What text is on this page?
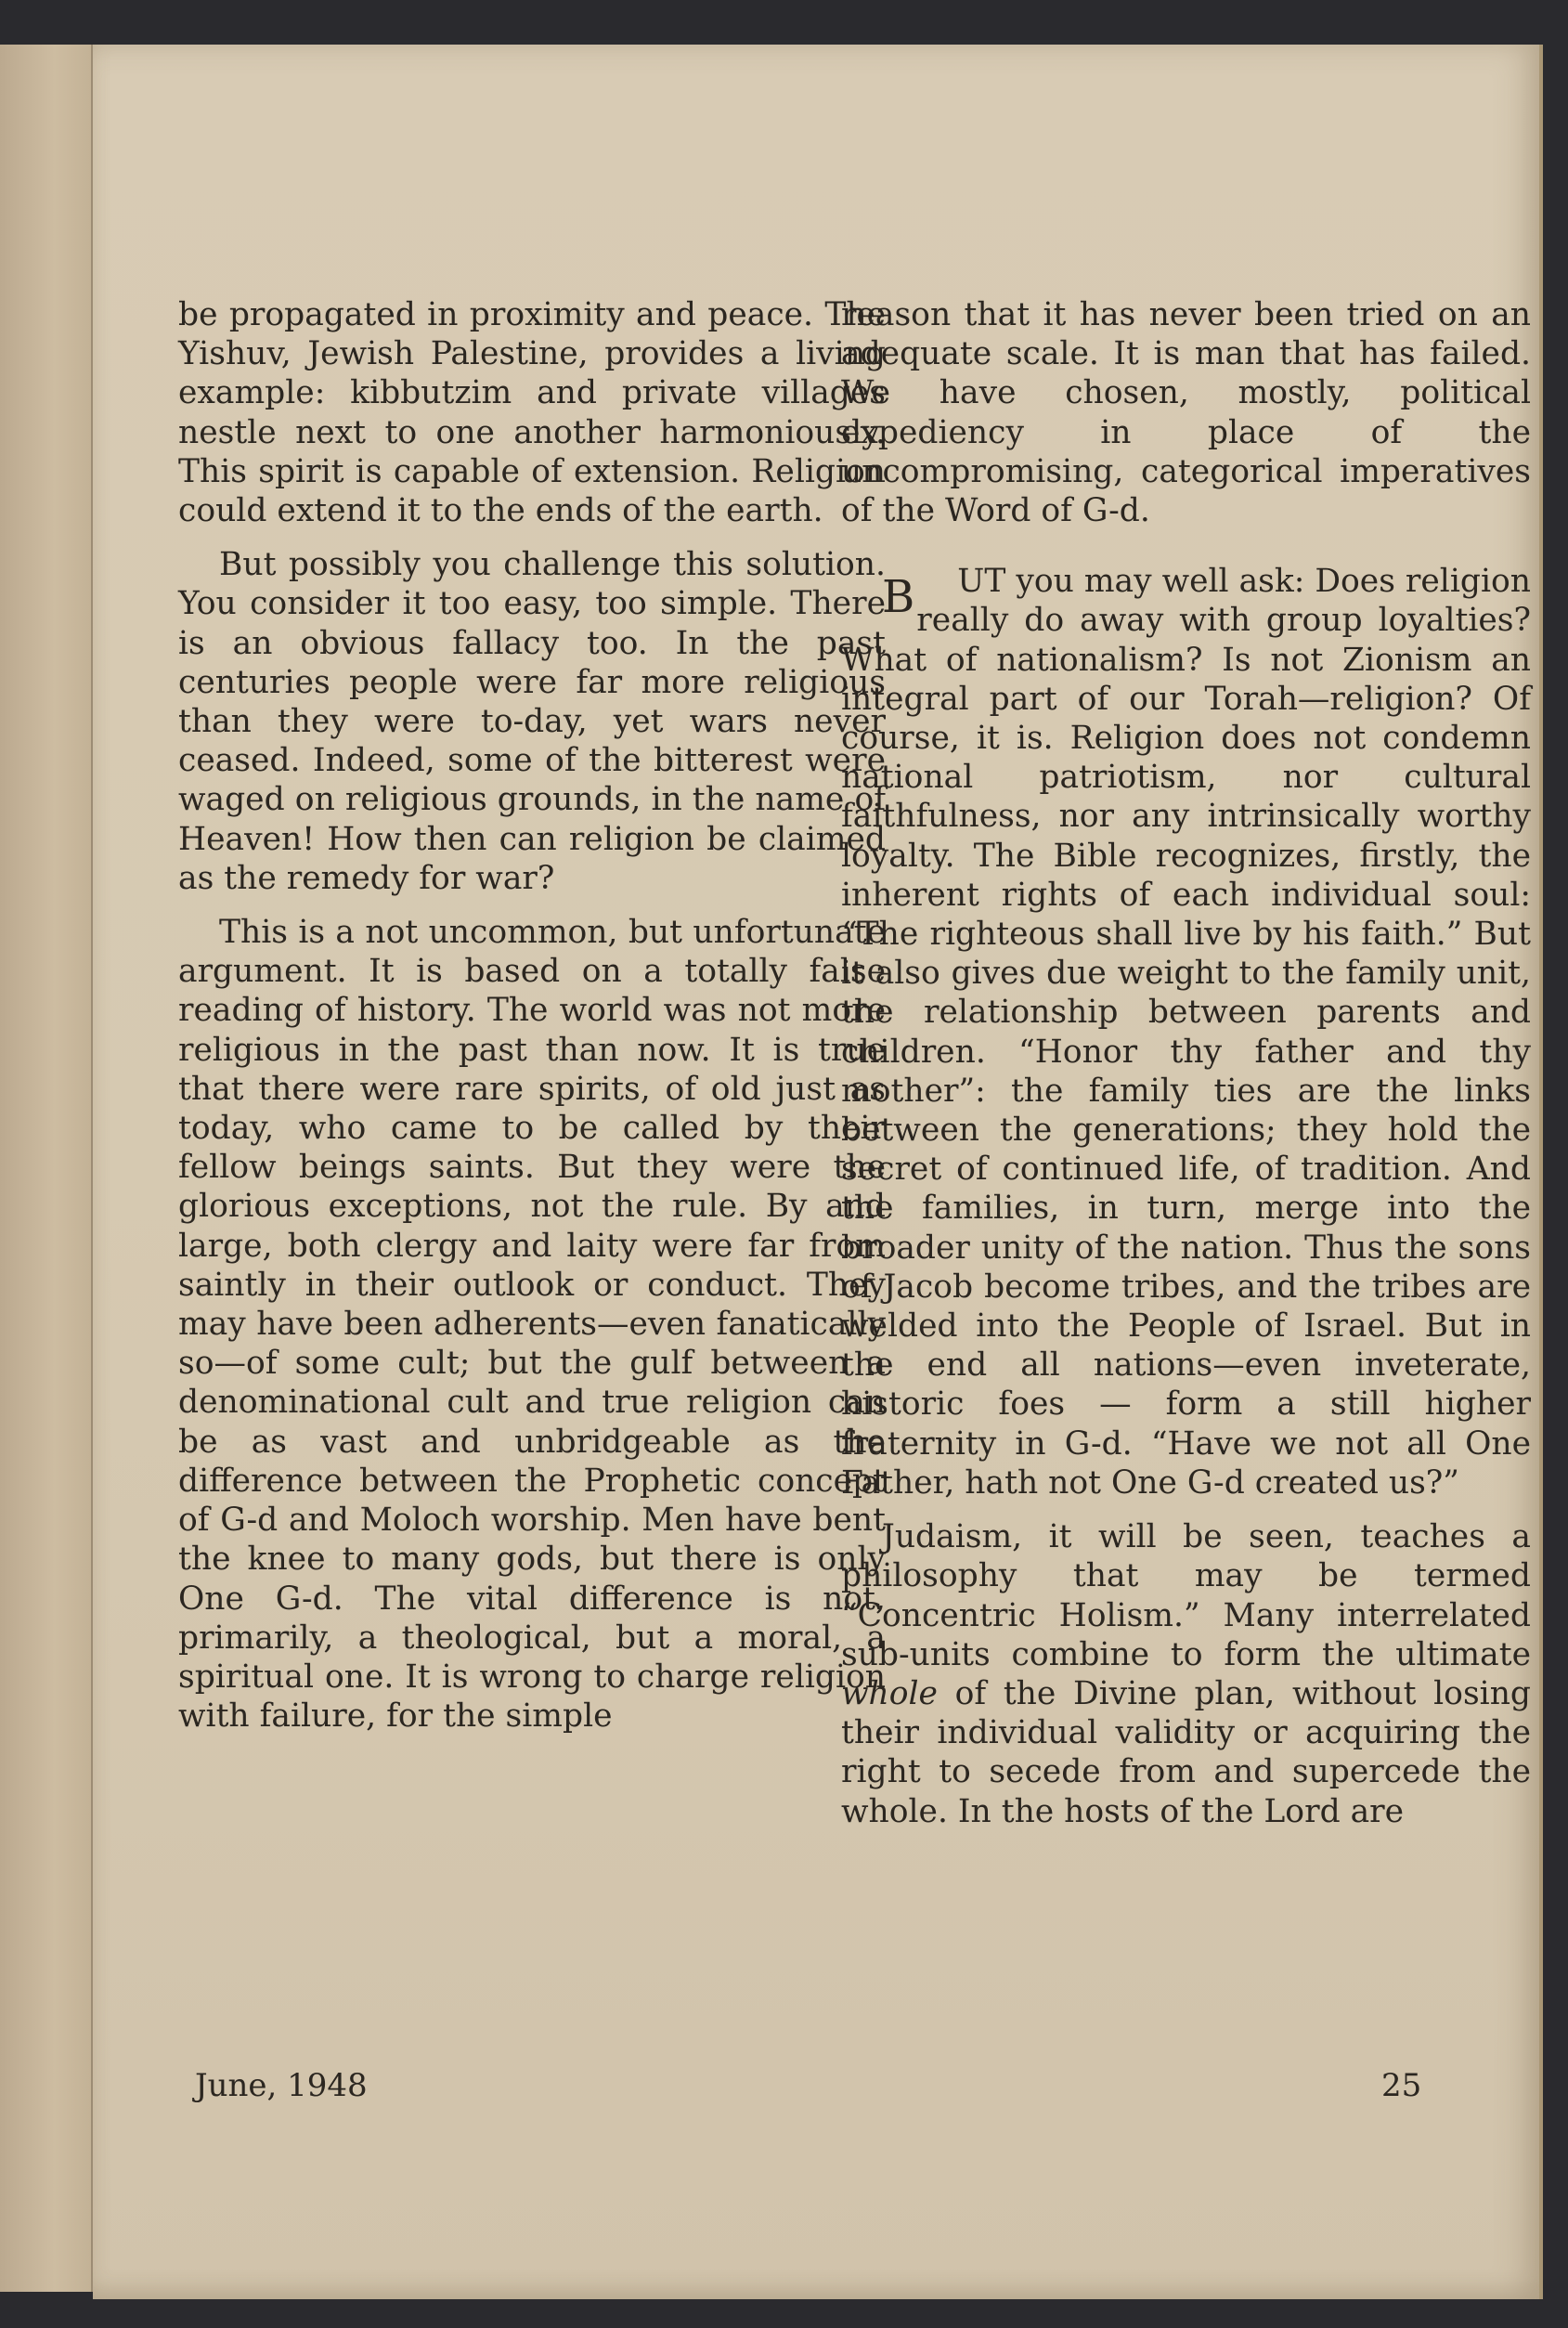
be propagated in proximity and peace. The Yishuv, Jewish Palestine, provides a living example: kibbutzim and private villages nestle next to one another harmoniously. This spirit is capable of extension. Religion could extend it to the ends of the earth.

But possibly you challenge this solution. You consider it too easy, too simple. There is an obvious fallacy too. In the past centuries people were far more religious than they were to-day, yet wars never ceased. Indeed, some of the bitterest were waged on religious grounds, in the name of Heaven! How then can religion be claimed as the remedy for war?

This is a not uncommon, but unfortunate argument. It is based on a totally false reading of history. The world was not more religious in the past than now. It is true that there were rare spirits, of old just as today, who came to be called by their fellow beings saints. But they were the glorious exceptions, not the rule. By and large, both clergy and laity were far from saintly in their outlook or conduct. They may have been adherents—even fanatically so—of some cult; but the gulf between a denominational cult and true religion can be as vast and unbridgeable as the difference between the Prophetic concept of G-d and Moloch worship. Men have bent the knee to many gods, but there is only One G-d. The vital difference is not, primarily, a theological, but a moral, a spiritual one. It is wrong to charge religion with failure, for the simple

reason that it has never been tried on an adequate scale. It is man that has failed. We have chosen, mostly, political expediency in place of the uncompromising, categorical imperatives of the Word of G-d.

B UT you may well ask: Does religion really do away with group loyalties? What of nationalism? Is not Zionism an integral part of our Torah—religion? Of course, it is. Religion does not condemn national patriotism, nor cultural faithfulness, nor any intrinsically worthy loyalty. The Bible recognizes, firstly, the inherent rights of each individual soul: “The righteous shall live by his faith.” But it also gives due weight to the family unit, the relationship between parents and children. “Honor thy father and thy mother”: the family ties are the links between the generations; they hold the secret of continued life, of tradition. And the families, in turn, merge into the broader unity of the nation. Thus the sons of Jacob become tribes, and the tribes are welded into the People of Israel. But in the end all nations—even inveterate, historic foes — form a still higher fraternity in G-d. “Have we not all One Father, hath not One G-d created us?”

Judaism, it will be seen, teaches a philosophy that may be termed “Concentric Holism.” Many interrelated sub-units combine to form the ultimate whole of the Divine plan, without losing their individual validity or acquiring the right to secede from and supercede the whole. In the hosts of the Lord are

June, 1948	25
